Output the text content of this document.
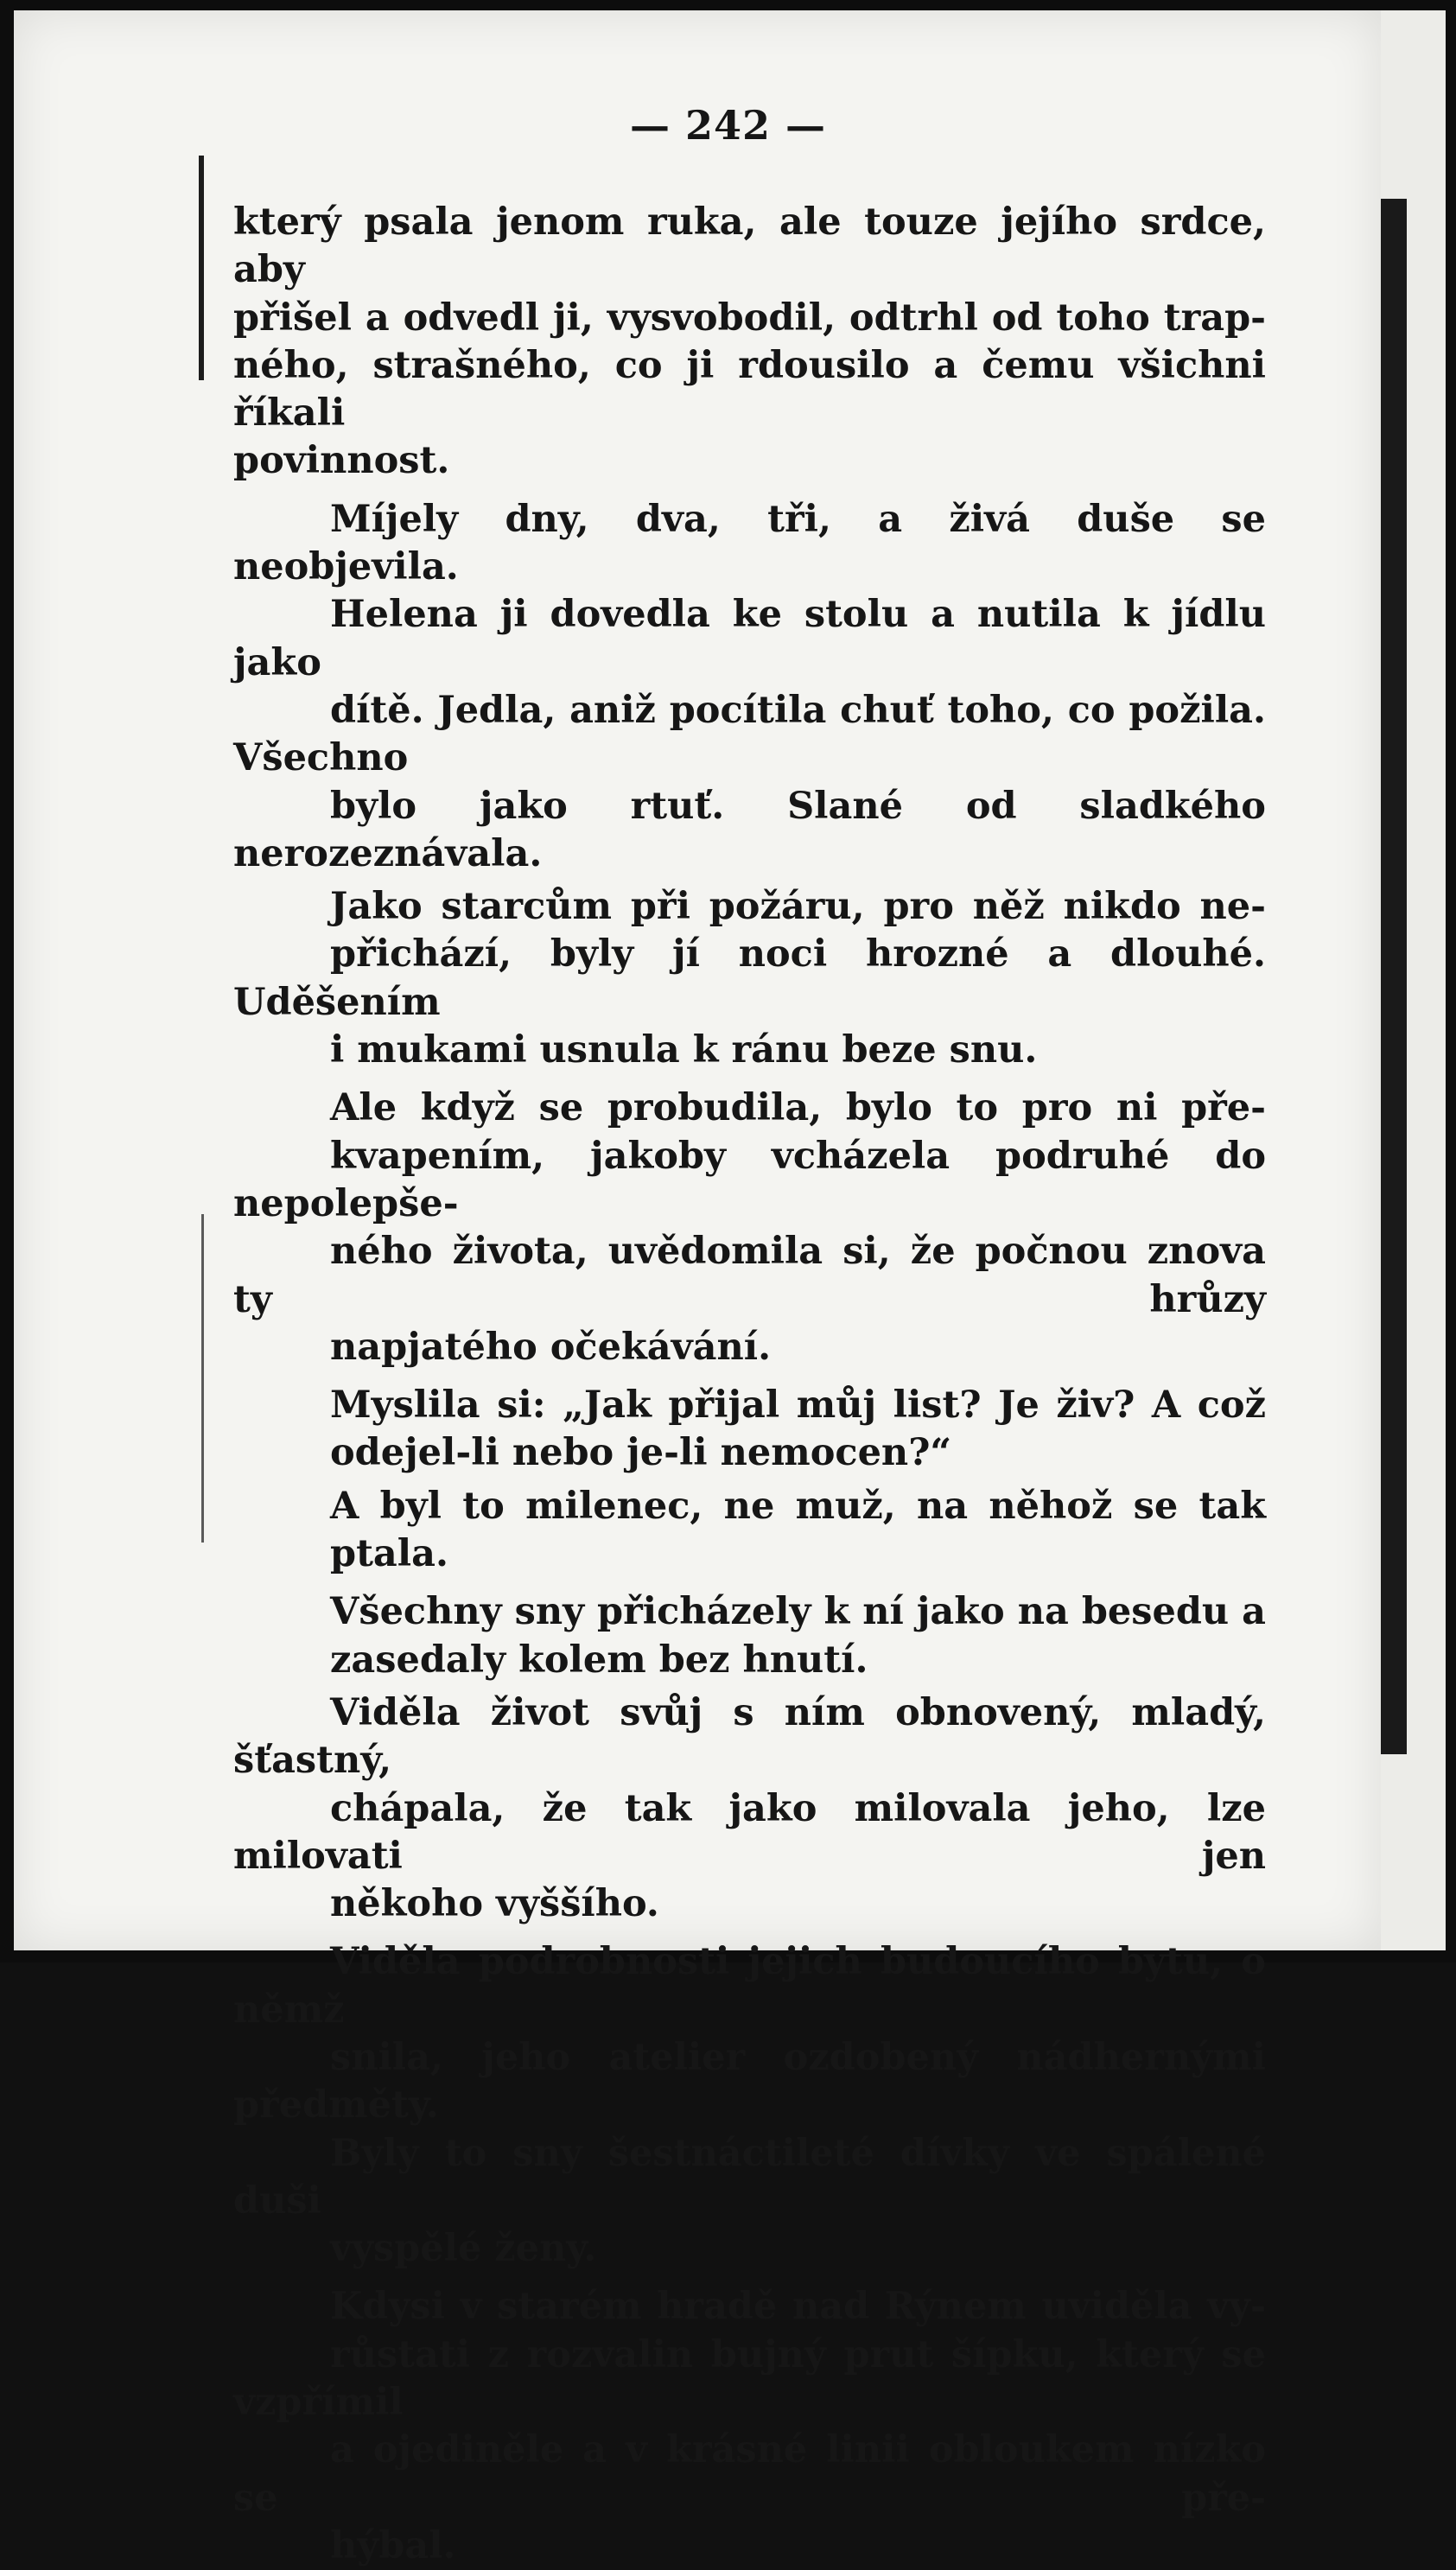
— 242 —

který psala jenom ruka, ale touze jejího srdce, aby
přišel a odvedl ji, vysvobodil, odtrhl od toho trap-
ného, strašného, co ji rdousilo a čemu všichni říkali
povinnost.

Míjely dny, dva, tři, a živá duše se neobjevila.

Helena ji dovedla ke stolu a nutila k jídlu jako
dítě. Jedla, aniž pocítila chuť toho, co požila. Všechno
bylo jako rtuť. Slané od sladkého nerozeznávala.

Jako starcům při požáru, pro něž nikdo ne-
přichází, byly jí noci hrozné a dlouhé. Uděšením
i mukami usnula k ránu beze snu.

Ale když se probudila, bylo to pro ni pře-
kvapením, jakoby vcházela podruhé do nepolepše-
ného života, uvědomila si, že počnou znova ty hrůzy
napjatého očekávání.

Myslila si: „Jak přijal můj list? Je živ? A což
odejel-li nebo je-li nemocen?“

A byl to milenec, ne muž, na něhož se tak
ptala.

Všechny sny přicházely k ní jako na besedu a
zasedaly kolem bez hnutí.

Viděla život svůj s ním obnovený, mladý, šťastný,
chápala, že tak jako milovala jeho, lze milovati jen
někoho vyššího.

Viděla podrobnosti jejich budoucího bytu, o němž
snila, jeho atelier ozdobený nádhernými předměty.

Byly to sny šestnáctileté dívky ve spálené duši
vyspělé ženy.

Kdysi v starém hradě nad Rýnem uviděla vy-
růstati z rozvalin bujný prut šípku, který se vzpřímil
a ojediněle a v krásné linii obloukem nízko se pře-
hýbal.
